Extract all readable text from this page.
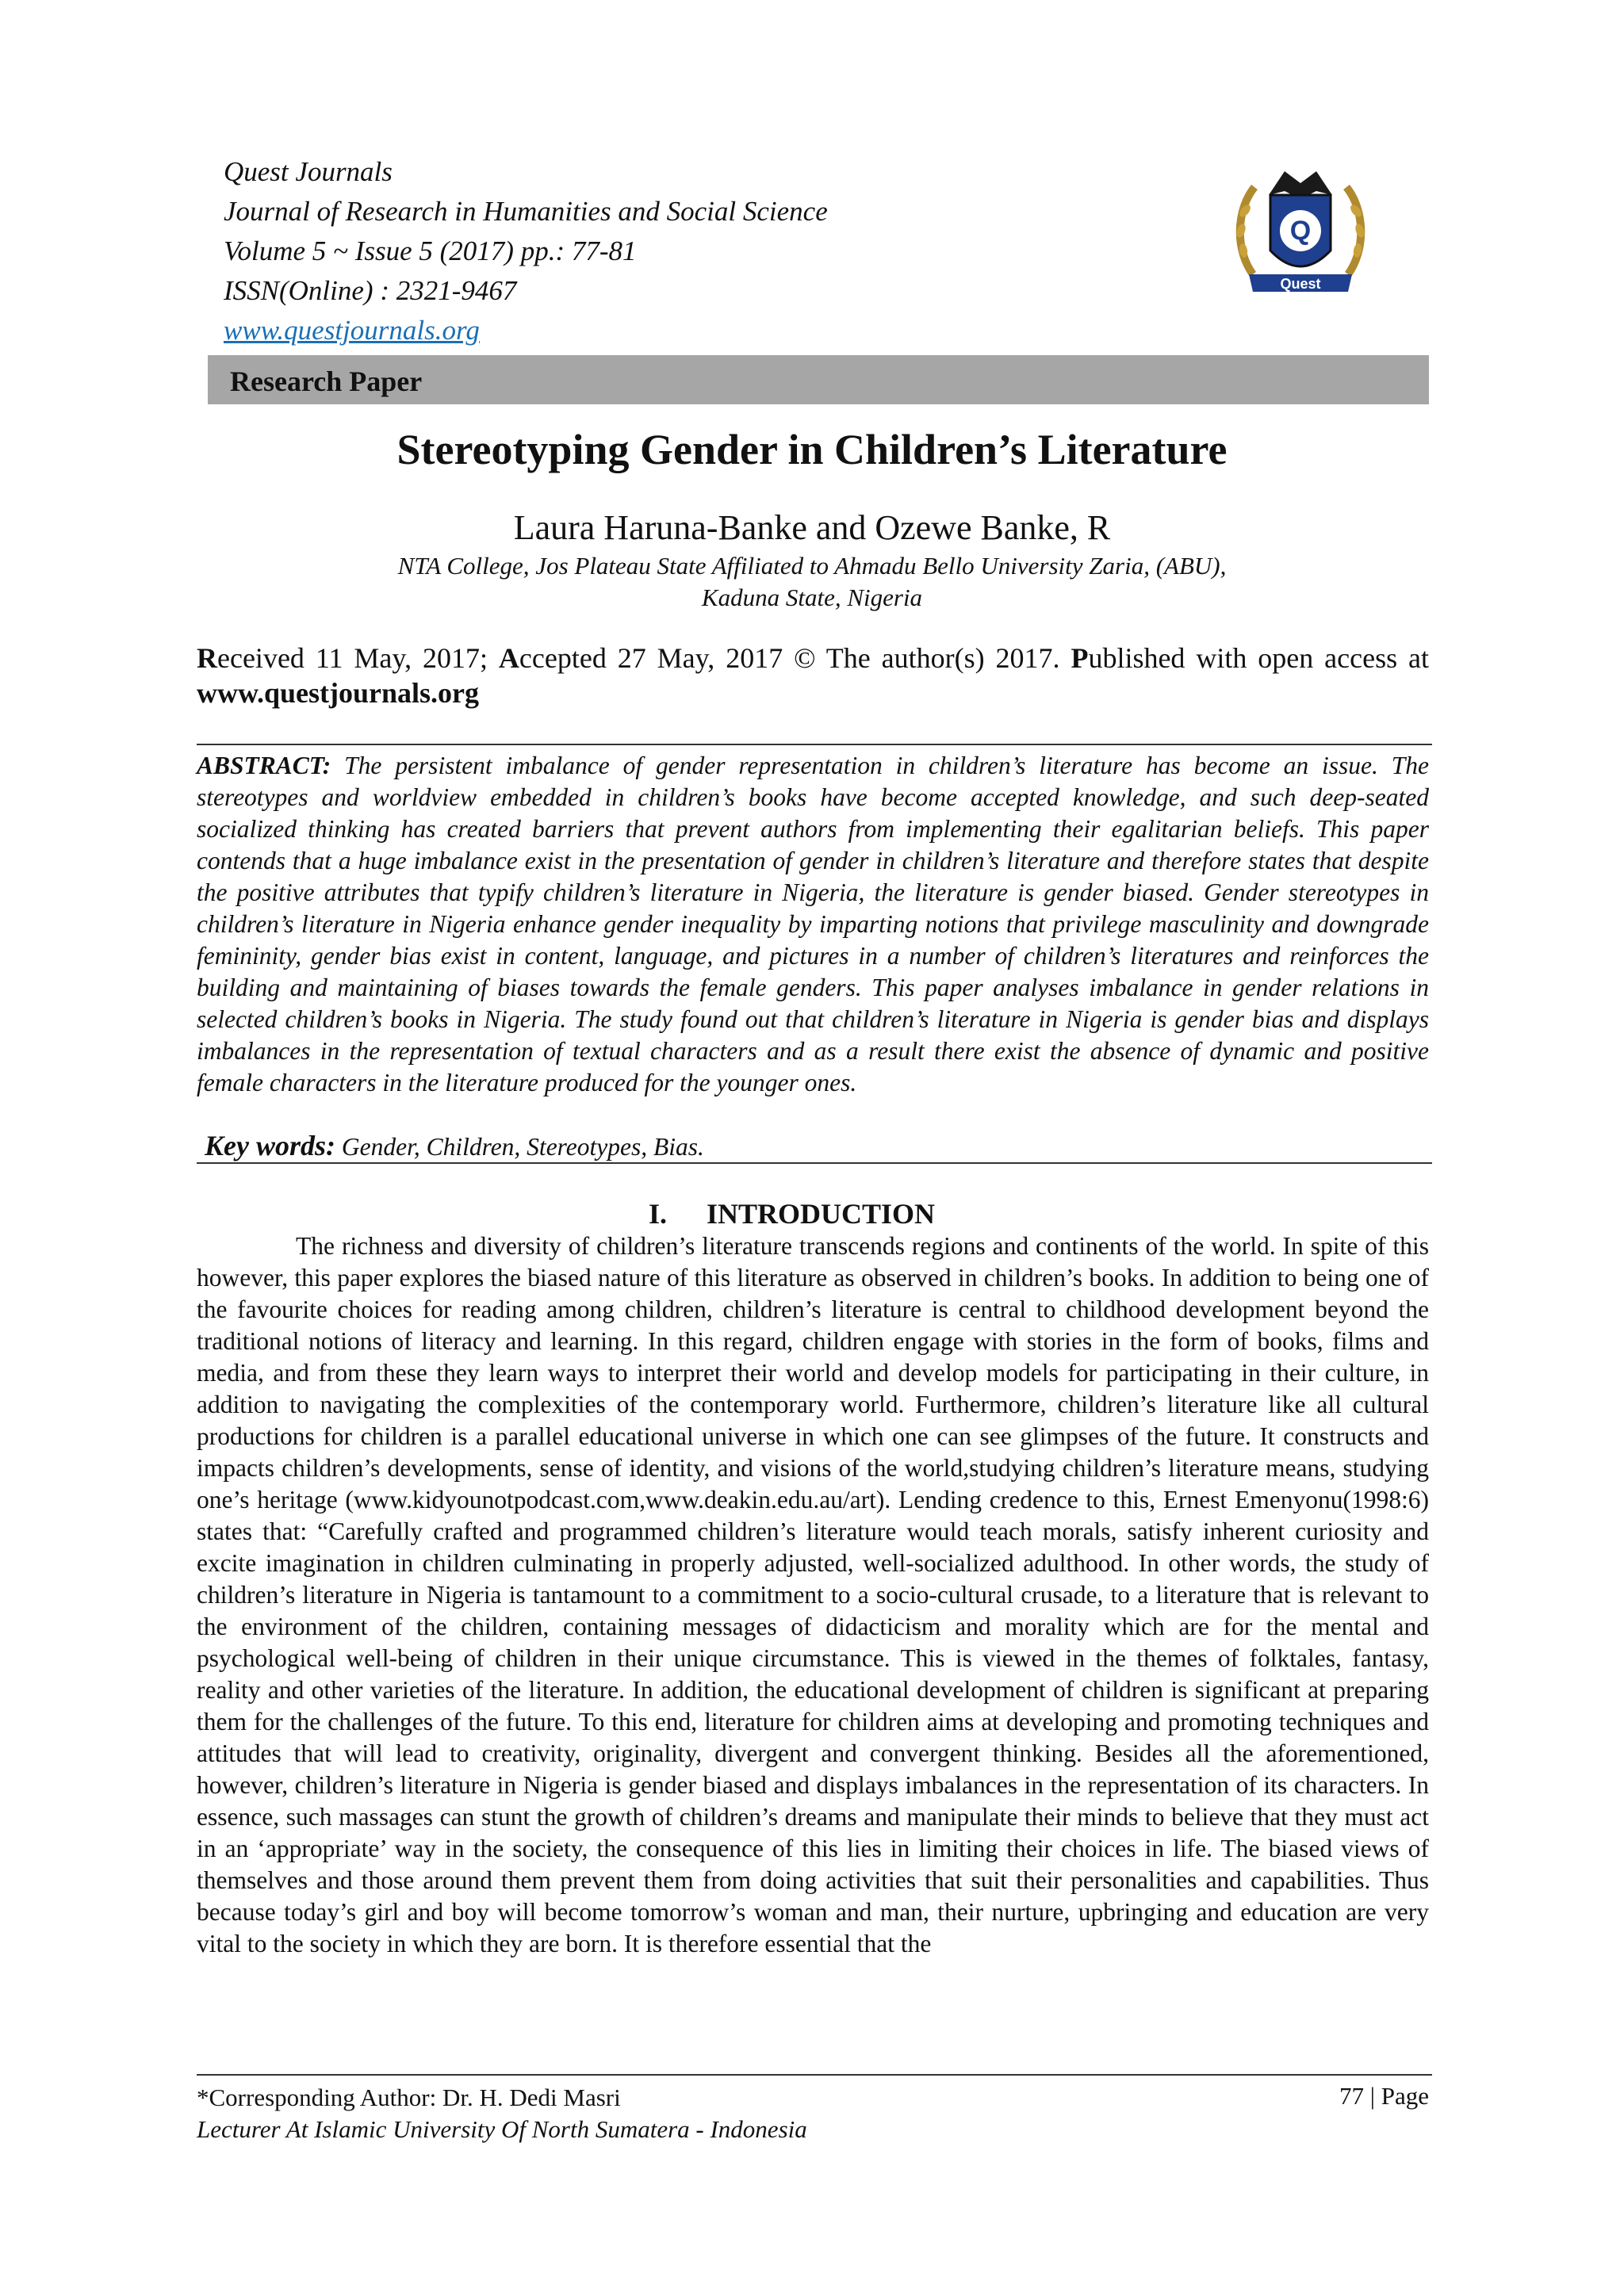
Quest Journals
Journal of Research in Humanities and Social Science
Volume 5 ~ Issue 5 (2017) pp.: 77-81
ISSN(Online) : 2321-9467
www.questjournals.org
Q
Quest
Research Paper
Stereotyping Gender in Children’s Literature
Laura Haruna-Banke and Ozewe Banke, R
NTA College, Jos Plateau State Affiliated to Ahmadu Bello University Zaria, (ABU),
Kaduna State, Nigeria
Received 11 May, 2017; Accepted 27 May, 2017 © The author(s) 2017. Published with open access at www.questjournals.org
ABSTRACT: The persistent imbalance of gender representation in children’s literature has become an issue. The stereotypes and worldview embedded in children’s books have become accepted knowledge, and such deep-seated socialized thinking has created barriers that prevent authors from implementing their egalitarian beliefs. This paper contends that a huge imbalance exist in the presentation of gender in children’s literature and therefore states that despite the positive attributes that typify children’s literature in Nigeria, the literature is gender biased. Gender stereotypes in children’s literature in Nigeria enhance gender inequality by imparting notions that privilege masculinity and downgrade femininity, gender bias exist in content, language, and pictures in a number of children’s literatures and reinforces the building and maintaining of biases towards the female genders. This paper analyses imbalance in gender relations in selected children’s books in Nigeria. The study found out that children’s literature in Nigeria is gender bias and displays imbalances in the representation of textual characters and as a result there exist the absence of dynamic and positive female characters in the literature produced for the younger ones.
Key words: Gender, Children, Stereotypes, Bias.
I. INTRODUCTION
The richness and diversity of children’s literature transcends regions and continents of the world. In spite of this however, this paper explores the biased nature of this literature as observed in children’s books. In addition to being one of the favourite choices for reading among children, children’s literature is central to childhood development beyond the traditional notions of literacy and learning. In this regard, children engage with stories in the form of books, films and media, and from these they learn ways to interpret their world and develop models for participating in their culture, in addition to navigating the complexities of the contemporary world. Furthermore, children’s literature like all cultural productions for children is a parallel educational universe in which one can see glimpses of the future. It constructs and impacts children’s developments, sense of identity, and visions of the world,studying children’s literature means, studying one’s heritage (www.kidyounotpodcast.com,www.deakin.edu.au/art). Lending credence to this, Ernest Emenyonu(1998:6) states that: “Carefully crafted and programmed children’s literature would teach morals, satisfy inherent curiosity and excite imagination in children culminating in properly adjusted, well-socialized adulthood. In other words, the study of children’s literature in Nigeria is tantamount to a commitment to a socio-cultural crusade, to a literature that is relevant to the environment of the children, containing messages of didacticism and morality which are for the mental and psychological well-being of children in their unique circumstance. This is viewed in the themes of folktales, fantasy, reality and other varieties of the literature. In addition, the educational development of children is significant at preparing them for the challenges of the future. To this end, literature for children aims at developing and promoting techniques and attitudes that will lead to creativity, originality, divergent and convergent thinking. Besides all the aforementioned, however, children’s literature in Nigeria is gender biased and displays imbalances in the representation of its characters. In essence, such massages can stunt the growth of children’s dreams and manipulate their minds to believe that they must act in an ‘appropriate’ way in the society, the consequence of this lies in limiting their choices in life. The biased views of themselves and those around them prevent them from doing activities that suit their personalities and capabilities. Thus because today’s girl and boy will become tomorrow’s woman and man, their nurture, upbringing and education are very vital to the society in which they are born. It is therefore essential that the
*Corresponding Author: Dr. H. Dedi Masri
Lecturer At Islamic University Of North Sumatera - Indonesia
77 | Page
